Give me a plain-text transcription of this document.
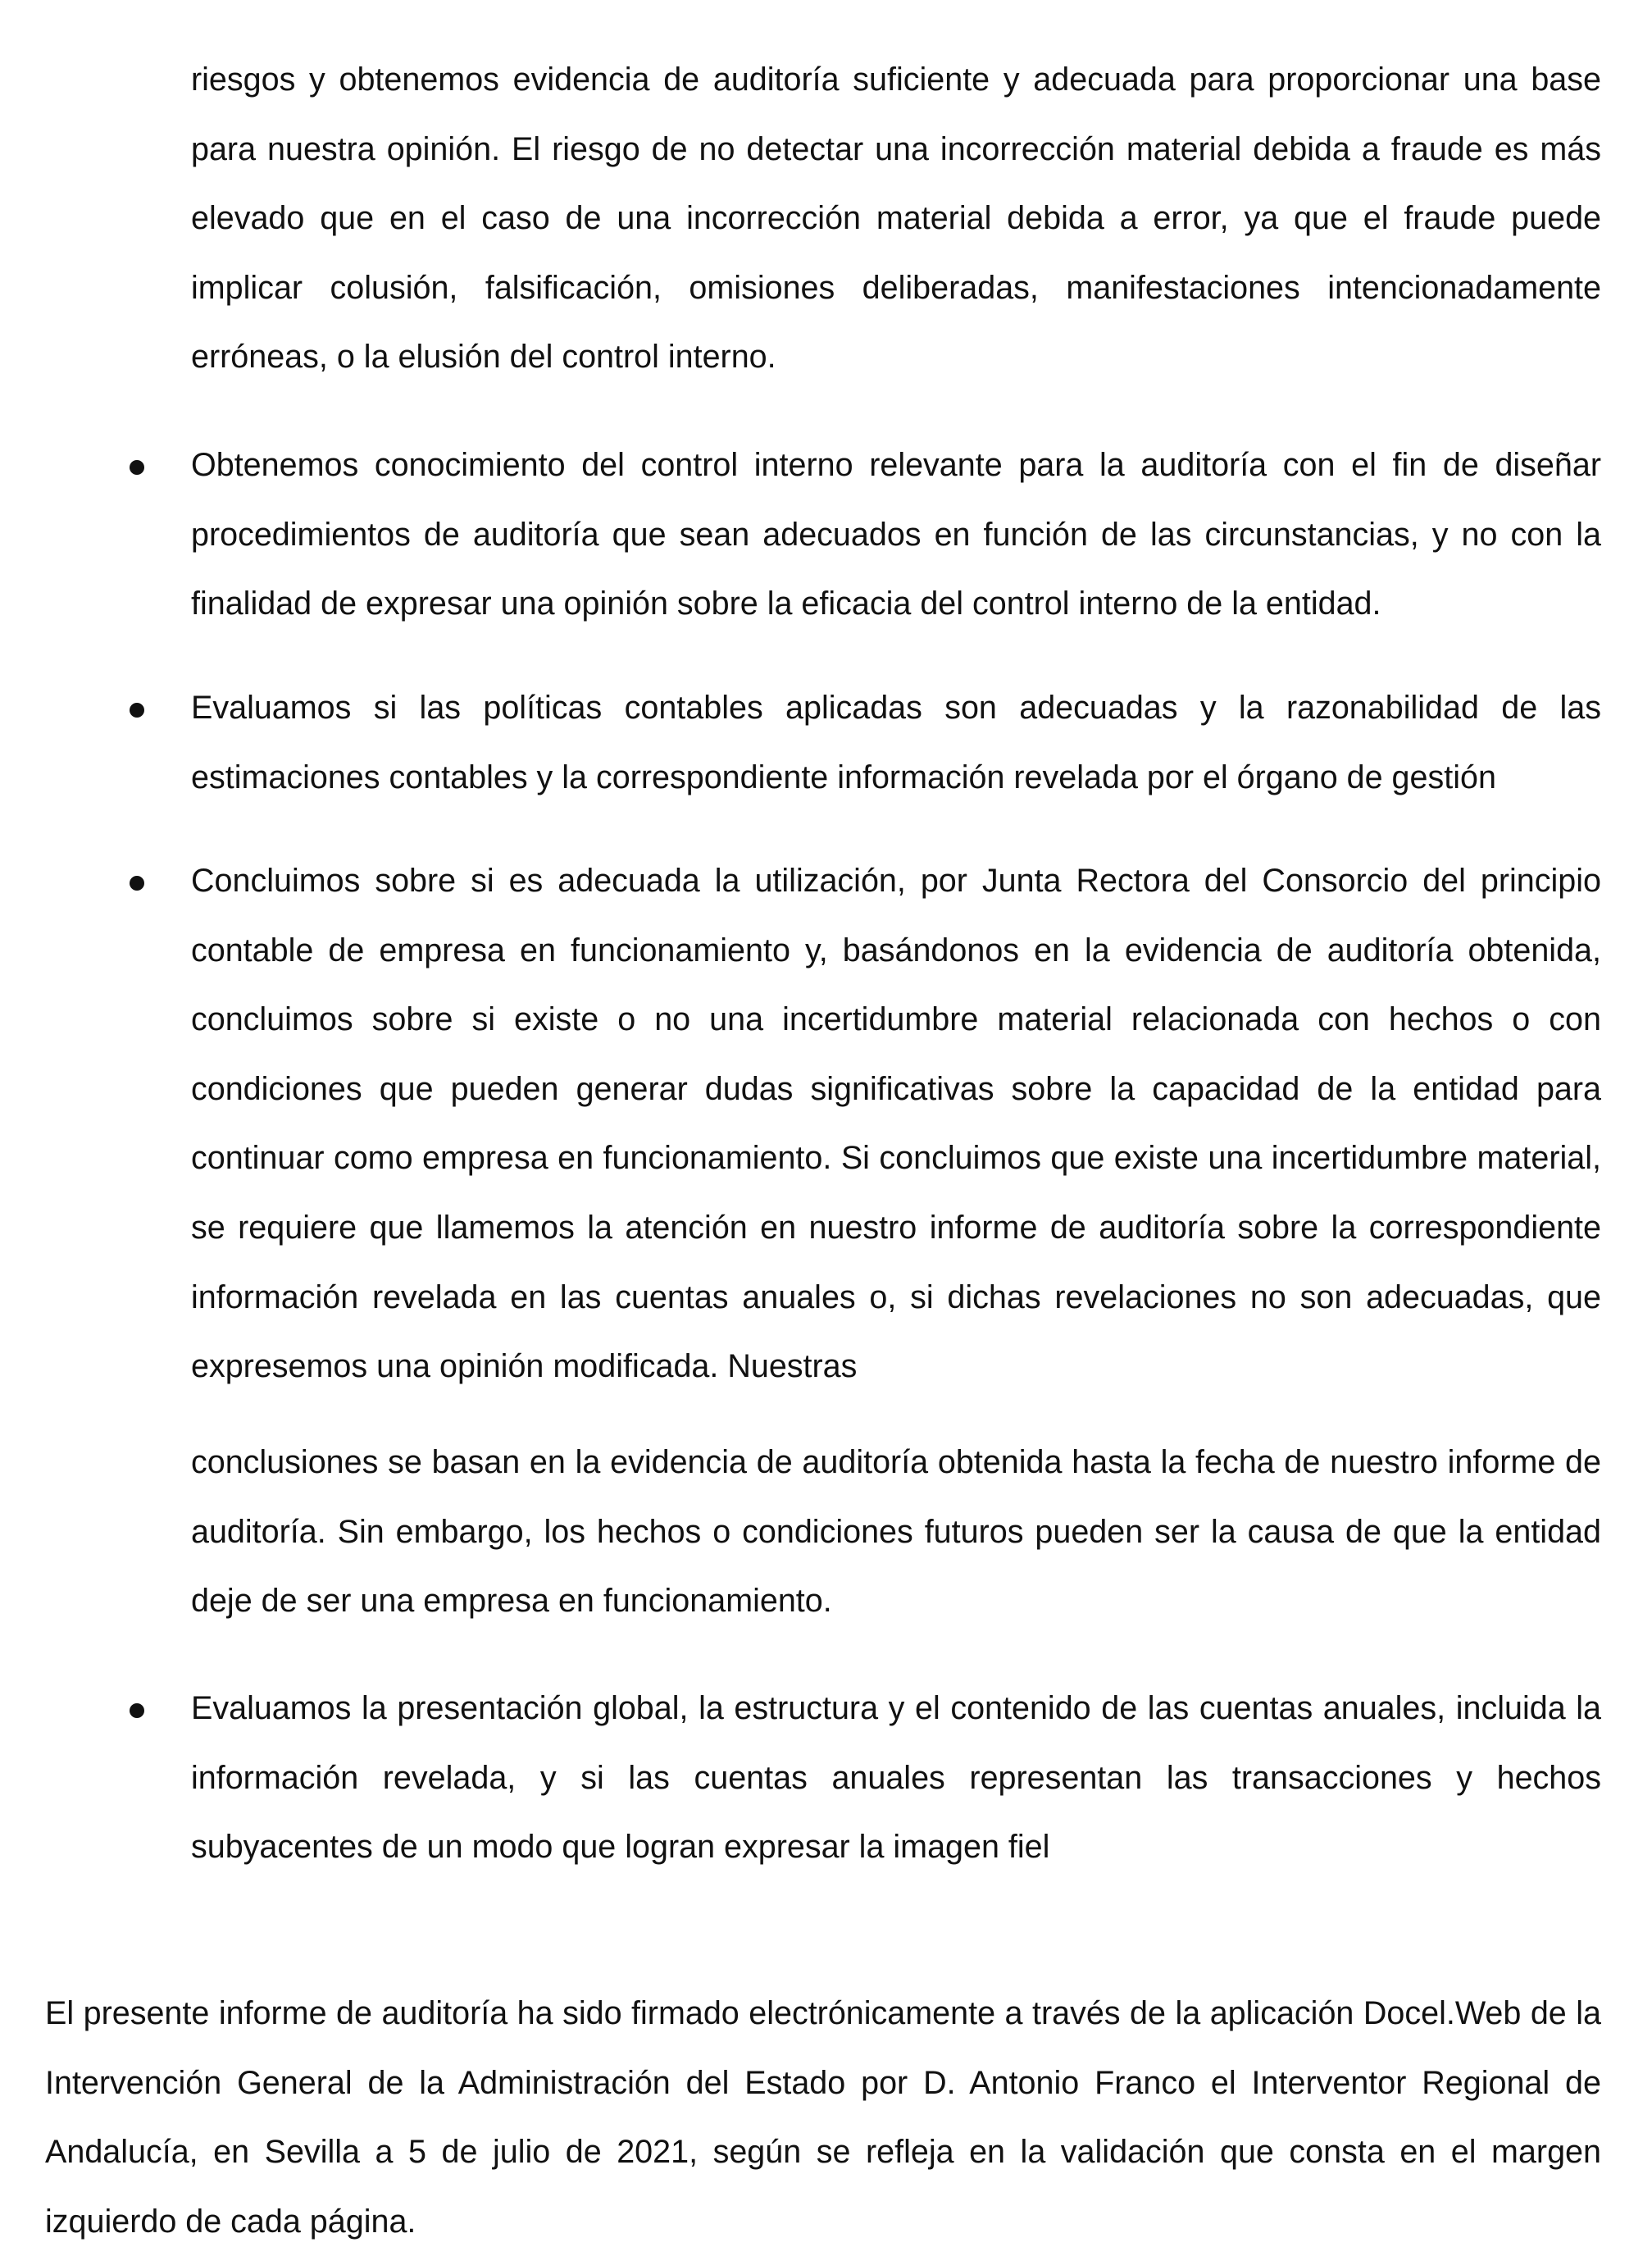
riesgos y obtenemos evidencia de auditoría suficiente y adecuada para proporcionar una base para nuestra opinión. El riesgo de no detectar una incorrección material debida a fraude es más elevado que en el caso de una incorrección material debida a error, ya que el fraude puede implicar colusión, falsificación, omisiones deliberadas, manifestaciones intencionadamente erróneas, o la elusión del control interno.

Obtenemos conocimiento del control interno relevante para la auditoría con el fin de diseñar procedimientos de auditoría que sean adecuados en función de las circunstancias, y no con la finalidad de expresar una opinión sobre la eficacia del control interno de la entidad.

Evaluamos si las políticas contables aplicadas son adecuadas y la razonabilidad de las estimaciones contables y la correspondiente información revelada por el órgano de gestión

Concluimos sobre si es adecuada la utilización, por Junta Rectora del Consorcio del principio contable de empresa en funcionamiento y, basándonos en la evidencia de auditoría obtenida, concluimos sobre si existe o no una incertidumbre material relacionada con hechos o con condiciones que pueden generar dudas significativas sobre la capacidad de la entidad para continuar como empresa en funcionamiento. Si concluimos que existe una incertidumbre material, se requiere que llamemos la atención en nuestro informe de auditoría sobre la correspondiente información revelada en las cuentas anuales o, si dichas revelaciones no son adecuadas, que expresemos una opinión modificada. Nuestras

conclusiones se basan en la evidencia de auditoría obtenida hasta la fecha de nuestro informe de auditoría. Sin embargo, los hechos o condiciones futuros pueden ser la causa de que la entidad deje de ser una empresa en funcionamiento.

Evaluamos la presentación global, la estructura y el contenido de las cuentas anuales, incluida la información revelada, y si las cuentas anuales representan las transacciones y hechos subyacentes de un modo que logran expresar la imagen fiel

El presente informe de auditoría ha sido firmado electrónicamente a través de la aplicación Docel.Web de la Intervención General de la Administración del Estado por D. Antonio Franco el Interventor Regional de Andalucía, en Sevilla a 5 de julio de 2021, según se refleja en la validación que consta en el margen izquierdo de cada página.
